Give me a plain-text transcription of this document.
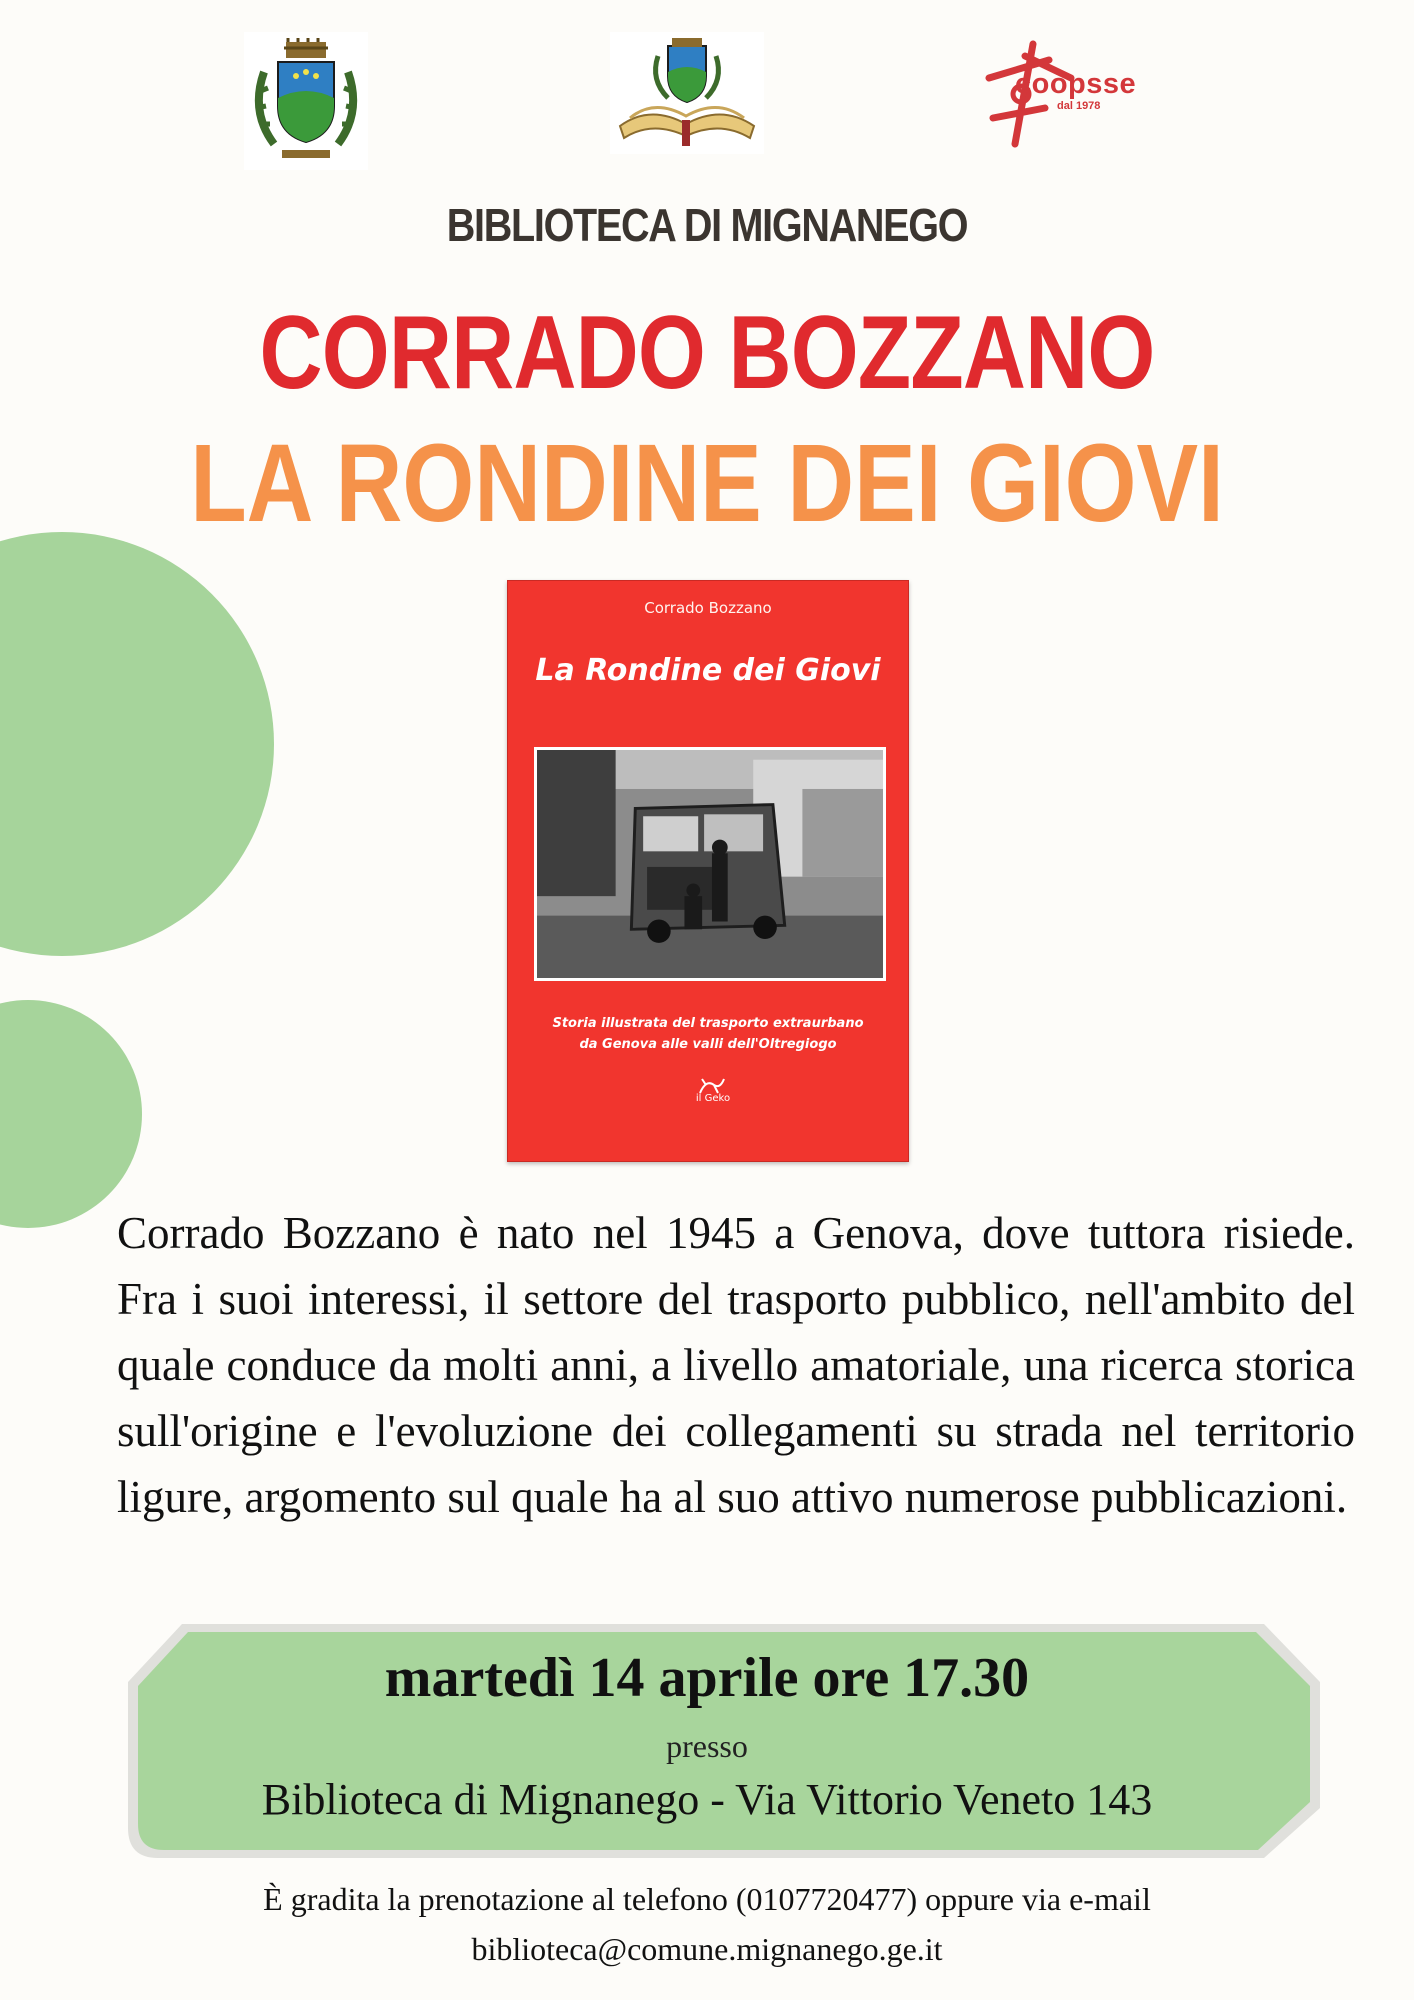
coopsse
dal 1978
BIBLIOTECA DI MIGNANEGO
CORRADO BOZZANO
LA RONDINE DEI GIOVI
Corrado Bozzano
La Rondine dei Giovi
Storia illustrata del trasporto extraurbano
da Genova alle valli dell'Oltregiogo
il Geko

Corrado Bozzano è nato nel 1945 a Genova, dove tuttora risiede. Fra i suoi interessi, il settore del trasporto pubblico, nell'ambito del quale conduce da molti anni, a livello amatoriale, una ricerca storica sull'origine e l'evoluzione dei collegamenti su strada nel territorio ligure, argomento sul quale ha al suo attivo numerose pubblicazioni.

martedì 14 aprile ore 17.30
presso
Biblioteca di Mignanego - Via Vittorio Veneto 143
È gradita la prenotazione al telefono (0107720477) oppure via e-mail
biblioteca@comune.mignanego.ge.it
